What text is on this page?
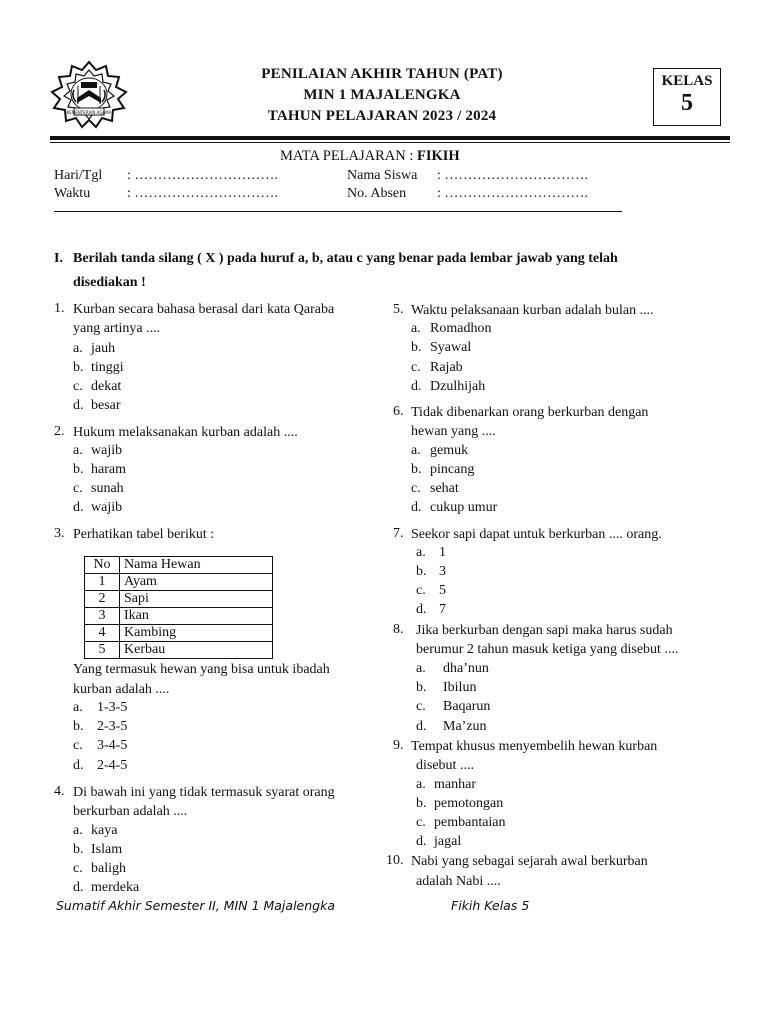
KEMENTERIAN AGAMA
PENILAIAN AKHIR TAHUN (PAT)
MIN 1 MAJALENGKA
TAHUN PELAJARAN 2023 / 2024
KELAS
5
MATA PELAJARAN : FIKIH
Hari/Tgl : ………………………….
Waktu	: ………………………….
Nama Siswa : ………………………….
No. Absen : ………………………….
I. Berilah tanda silang ( X ) pada huruf a, b, atau c yang benar pada lembar jawab yang telah
disediakan !
1. Kurban secara bahasa berasal dari kata Qaraba
yang artinya ....
a. jauh
b. tinggi
c. dekat
d. besar
2. Hukum melaksanakan kurban adalah ....
a. wajib
b. haram
c. sunah
d. wajib
3. Perhatikan tabel berikut :
No	Nama Hewan
1	Ayam
2	Sapi
3	Ikan
4	Kambing
5	Kerbau
Yang termasuk hewan yang bisa untuk ibadah
kurban adalah ....
a. 1-3-5
b. 2-3-5
c. 3-4-5
d. 2-4-5
4. Di bawah ini yang tidak termasuk syarat orang
berkurban adalah ....
a. kaya
b. Islam
c. baligh
d. merdeka
5. Waktu pelaksanaan kurban adalah bulan ....
a. Romadhon
b. Syawal
c. Rajab
d. Dzulhijah
6. Tidak dibenarkan orang berkurban dengan
hewan yang ....
a. gemuk
b. pincang
c. sehat
d. cukup umur
7. Seekor sapi dapat untuk berkurban .... orang.
a. 1
b. 3
c. 5
d. 7
8. Jika berkurban dengan sapi maka harus sudah
berumur 2 tahun masuk ketiga yang disebut ....
a. dha’nun
b. Ibilun
c. Baqarun
d. Ma’zun
9. Tempat khusus menyembelih hewan kurban
disebut ....
a. manhar
b. pemotongan
c. pembantaian
d. jagal
10. Nabi yang sebagai sejarah awal berkurban
adalah Nabi ....
Sumatif Akhir Semester II, MIN 1 Majalengka	Fikih Kelas 5
